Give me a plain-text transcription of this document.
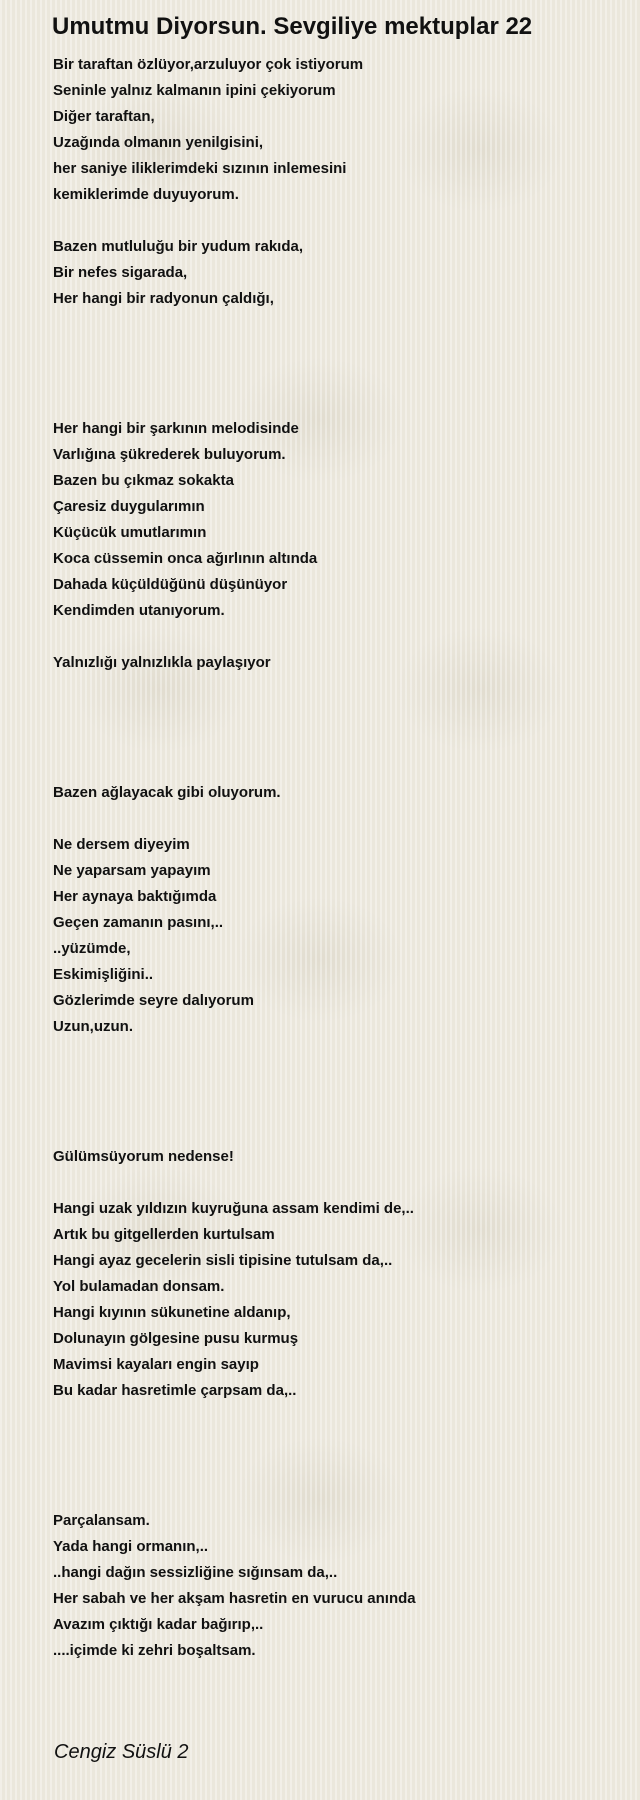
Umutmu Diyorsun. Sevgiliye mektuplar 22
Bir taraftan özlüyor,arzuluyor çok istiyorum
Seninle yalnız kalmanın ipini çekiyorum
Diğer taraftan,
Uzağında olmanın yenilgisini,
her saniye iliklerimdeki sızının inlemesini
kemiklerimde duyuyorum.
Bazen mutluluğu bir yudum rakıda,
Bir nefes sigarada,
Her hangi bir radyonun çaldığı,
Her hangi bir şarkının melodisinde
Varlığına şükrederek buluyorum.
Bazen bu çıkmaz sokakta
Çaresiz duygularımın
Küçücük umutlarımın
Koca cüssemin onca ağırlının altında
Dahada küçüldüğünü düşünüyor
Kendimden utanıyorum.
Yalnızlığı yalnızlıkla paylaşıyor
Bazen ağlayacak gibi oluyorum.
Ne dersem diyeyim
Ne yaparsam yapayım
Her aynaya baktığımda
Geçen zamanın pasını,..
..yüzümde,
Eskimişliğini..
Gözlerimde seyre dalıyorum
Uzun,uzun.
Gülümsüyorum nedense!
Hangi uzak yıldızın kuyruğuna assam kendimi de,..
Artık bu gitgellerden kurtulsam
Hangi ayaz gecelerin sisli tipisine tutulsam da,..
Yol bulamadan donsam.
Hangi kıyının sükunetine aldanıp,
Dolunayın gölgesine pusu kurmuş
Mavimsi kayaları engin sayıp
Bu kadar hasretimle çarpsam da,..
Parçalansam.
Yada hangi ormanın,..
..hangi dağın sessizliğine sığınsam da,..
Her sabah ve her akşam hasretin en vurucu anında
Avazım çıktığı kadar bağırıp,..
....içimde ki zehri boşaltsam.
Cengiz Süslü 2
